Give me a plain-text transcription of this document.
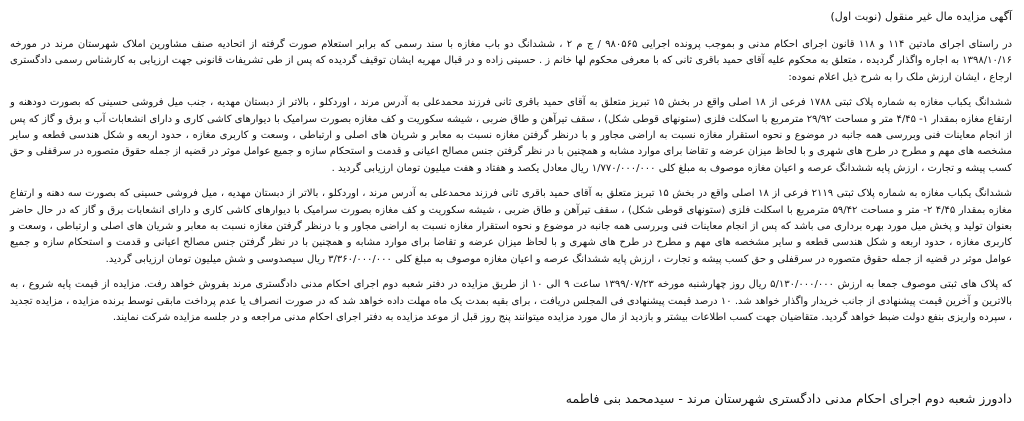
آگهی مزایده مال غیر منقول (نوبت اول)

در راستای اجرای مادتین ۱۱۴ و ۱۱۸ قانون اجرای احکام مدنی و بموجب پرونده اجرایی ۹۸۰۵۶۵ / ج م ۲ ، ششدانگ دو باب مغازه با سند رسمی که برابر استعلام صورت گرفته از اتحادیه صنف مشاورین املاک شهرستان مرند در مورخه ۱۳۹۸/۱۰/۱۶ به اجاره واگذار گردیده ، متعلق به محکوم علیه آقای حمید باقری ثانی که با معرفی محکوم لها خانم ز . حسینی زاده و در قبال مهریه ایشان توقیف گردیده که پس از طی تشریفات قانونی جهت ارزیابی به کارشناس رسمی دادگستری ارجاع ، ایشان ارزش ملک را به شرح ذیل اعلام نموده:

ششدانگ یکباب مغازه به شماره پلاک ثبتی ۱۷۸۸ فرعی از ۱۸ اصلی واقع در بخش ۱۵ تبریز متعلق به آقای حمید باقری ثانی فرزند محمدعلی به آدرس مرند ، اوردکلو ، بالاتر از دبستان مهدیه ، جنب میل فروشی حسینی که بصورت دودهنه و ارتفاع مغازه بمقدار ۱- ۴/۴۵ متر و مساحت ۲۹/۹۲ مترمربع با اسکلت فلزی (ستونهای قوطی شکل) ، سقف تیرآهن و طاق ضربی ، شیشه سکوریت و کف مغازه بصورت سرامیک با دیوارهای کاشی کاری و دارای انشعابات آب و برق و گاز که پس از انجام معاینات فنی وبررسی همه جانبه در موضوع و نحوه استقرار مغازه نسبت به اراضی مجاور و با درنظر گرفتن مغازه نسبت به معابر و شریان های اصلی و ارتباطی ، وسعت و کاربری مغازه ، حدود اربعه و شکل هندسی قطعه و سایر مشخصه های مهم و مطرح در طرح های شهری و با لحاظ میزان عرضه و تقاضا برای موارد مشابه و همچنین با در نظر گرفتن جنس مصالح اعیانی و قدمت و استحکام سازه و جمیع عوامل موثر در قضیه از جمله حقوق متصوره در سرقفلی و حق کسب پیشه و تجارت ، ارزش پایه ششدانگ عرصه و اعیان مغازه موصوف به مبلغ کلی ۱/۷۷۰/۰۰۰/۰۰۰ ریال معادل یکصد و هفتاد و هفت میلیون تومان ارزیابی گردید .

ششدانگ یکباب مغازه به شماره پلاک ثبتی ۲۱۱۹ فرعی از ۱۸ اصلی واقع در بخش ۱۵ تبریز متعلق به آقای حمید باقری ثانی فرزند محمدعلی به آدرس مرند ، اوردکلو ، بالاتر از دبستان مهدیه ، میل فروشی حسینی که بصورت سه دهنه و ارتفاع مغازه بمقدار ۴/۴۵ ۲- متر و مساحت ۵۹/۴۲ مترمربع با اسکلت فلزی (ستونهای قوطی شکل) ، سقف تیرآهن و طاق ضربی ، شیشه سکوریت و کف مغازه بصورت سرامیک با دیوارهای کاشی کاری و دارای انشعابات برق و گاز که در حال حاضر بعنوان تولید و پخش میل مورد بهره برداری می باشد که پس از انجام معاینات فنی وبررسی همه جانبه در موضوع و نحوه استقرار مغازه نسبت به اراضی مجاور و با درنظر گرفتن مغازه نسبت به معابر و شریان های اصلی و ارتباطی ، وسعت و کاربری مغازه ، حدود اربعه و شکل هندسی قطعه و سایر مشخصه های مهم و مطرح در طرح های شهری و با لحاظ میزان عرضه و تقاضا برای موارد مشابه و همچنین با در نظر گرفتن جنس مصالح اعیانی و قدمت و استحکام سازه و جمیع عوامل موثر در قضیه از جمله حقوق متصوره در سرقفلی و حق کسب پیشه و تجارت ، ارزش پایه ششدانگ عرصه و اعیان مغازه موصوف به مبلغ کلی ۳/۳۶۰/۰۰۰/۰۰۰ ریال سیصدوسی و شش میلیون تومان ارزیابی گردید.

که پلاک های ثبتی موصوف جمعا به ارزش ۵/۱۳۰/۰۰۰/۰۰۰ ریال روز چهارشنبه مورخه ۱۳۹۹/۰۷/۲۳ ساعت ۹ الی ۱۰ از طریق مزایده در دفتر شعبه دوم اجرای احکام مدنی دادگستری مرند بفروش خواهد رفت. مزایده از قیمت پایه شروع ، به بالاترین و آخرین قیمت پیشنهادی از جانب خریدار واگذار خواهد شد. ۱۰ درصد قیمت پیشنهادی فی المجلس دریافت ، برای بقیه بمدت یک ماه مهلت داده خواهد شد که در صورت انصراف یا عدم پرداخت مابقی توسط برنده مزایده ، مزایده تجدید ، سپرده واریزی بنفع دولت ضبط خواهد گردید. متقاضیان جهت کسب اطلاعات بیشتر و بازدید از مال مورد مزایده میتوانند پنج روز قبل از موعد مزایده به دفتر اجرای احکام مدنی مراجعه و در جلسه مزایده شرکت نمایند.

دادورز شعبه دوم اجرای احکام مدنی دادگستری شهرستان مرند - سیدمحمد بنی فاطمه
